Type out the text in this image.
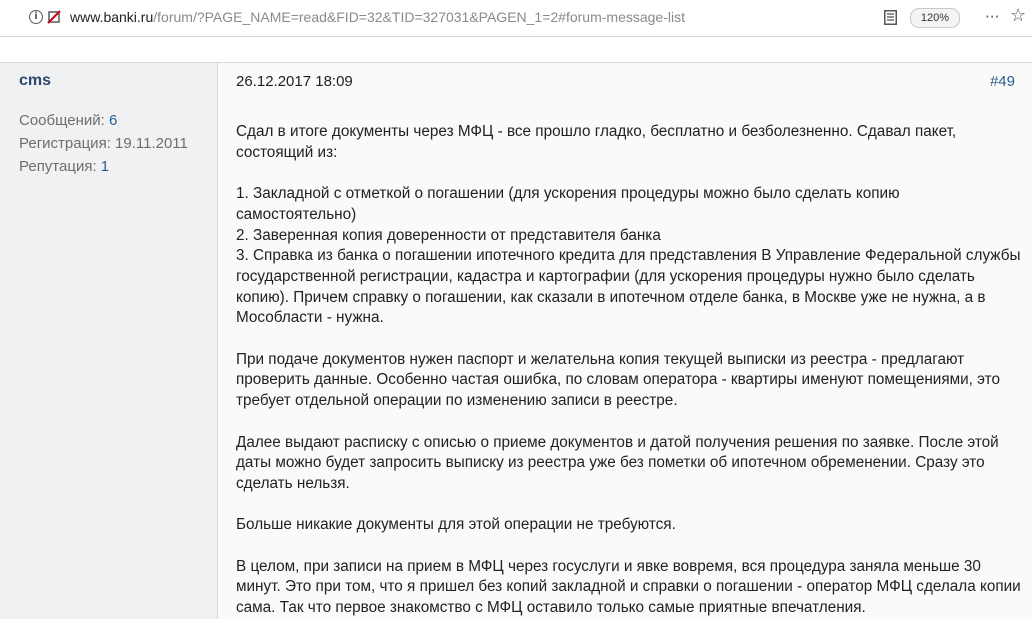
i	www.banki.ru/forum/?PAGE_NAME=read&FID=32&TID=327031&PAGEN_1=2#forum-message-list	120%	··· ☆
cms
Сообщений: 6
Регистрация: 19.11.2011
Репутация: 1
26.12.2017 18:09	#49

Сдал в итоге документы через МФЦ - все прошло гладко, бесплатно и безболезненно. Сдавал пакет, состоящий из:

1. Закладной с отметкой о погашении (для ускорения процедуры можно было сделать копию самостоятельно)
2. Заверенная копия доверенности от представителя банка
3. Справка из банка о погашении ипотечного кредита для представления В Управление Федеральной службы государственной регистрации, кадастра и картографии (для ускорения процедуры нужно было сделать копию). Причем справку о погашении, как сказали в ипотечном отделе банка, в Москве уже не нужна, а в Мособласти - нужна.

При подаче документов нужен паспорт и желательна копия текущей выписки из реестра - предлагают проверить данные. Особенно частая ошибка, по словам оператора - квартиры именуют помещениями, это требует отдельной операции по изменению записи в реестре.

Далее выдают расписку с описью о приеме документов и датой получения решения по заявке. После этой даты можно будет запросить выписку из реестра уже без пометки об ипотечном обременении. Сразу это сделать нельзя.

Больше никакие документы для этой операции не требуются.

В целом, при записи на прием в МФЦ через госуслуги и явке вовремя, вся процедура заняла меньше 30 минут. Это при том, что я пришел без копий закладной и справки о погашении - оператор МФЦ сделала копии сама. Так что первое знакомство с МФЦ оставило только самые приятные впечатления.
